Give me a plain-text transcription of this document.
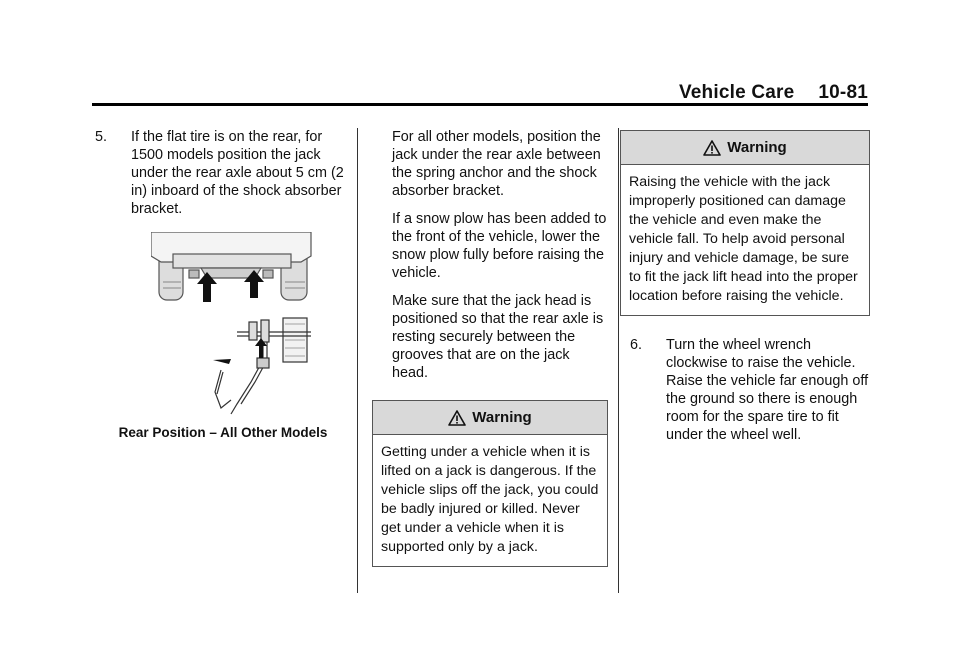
Vehicle Care 10-81
5.	If the flat tire is on the rear, for 1500 models position the jack under the rear axle about 5 cm (2 in) inboard of the shock absorber bracket.
Rear Position – All Other Models

For all other models, position the jack under the rear axle between the spring anchor and the shock absorber bracket.

If a snow plow has been added to the front of the vehicle, lower the snow plow fully before raising the vehicle.

Make sure that the jack head is positioned so that the rear axle is resting securely between the grooves that are on the jack head.

Warning
Getting under a vehicle when it is lifted on a jack is dangerous. If the vehicle slips off the jack, you could be badly injured or killed. Never get under a vehicle when it is supported only by a jack.
Warning
Raising the vehicle with the jack improperly positioned can damage the vehicle and even make the vehicle fall. To help avoid personal injury and vehicle damage, be sure to fit the jack lift head into the proper location before raising the vehicle.
6.	Turn the wheel wrench clockwise to raise the vehicle. Raise the vehicle far enough off the ground so there is enough room for the spare tire to fit under the wheel well.
